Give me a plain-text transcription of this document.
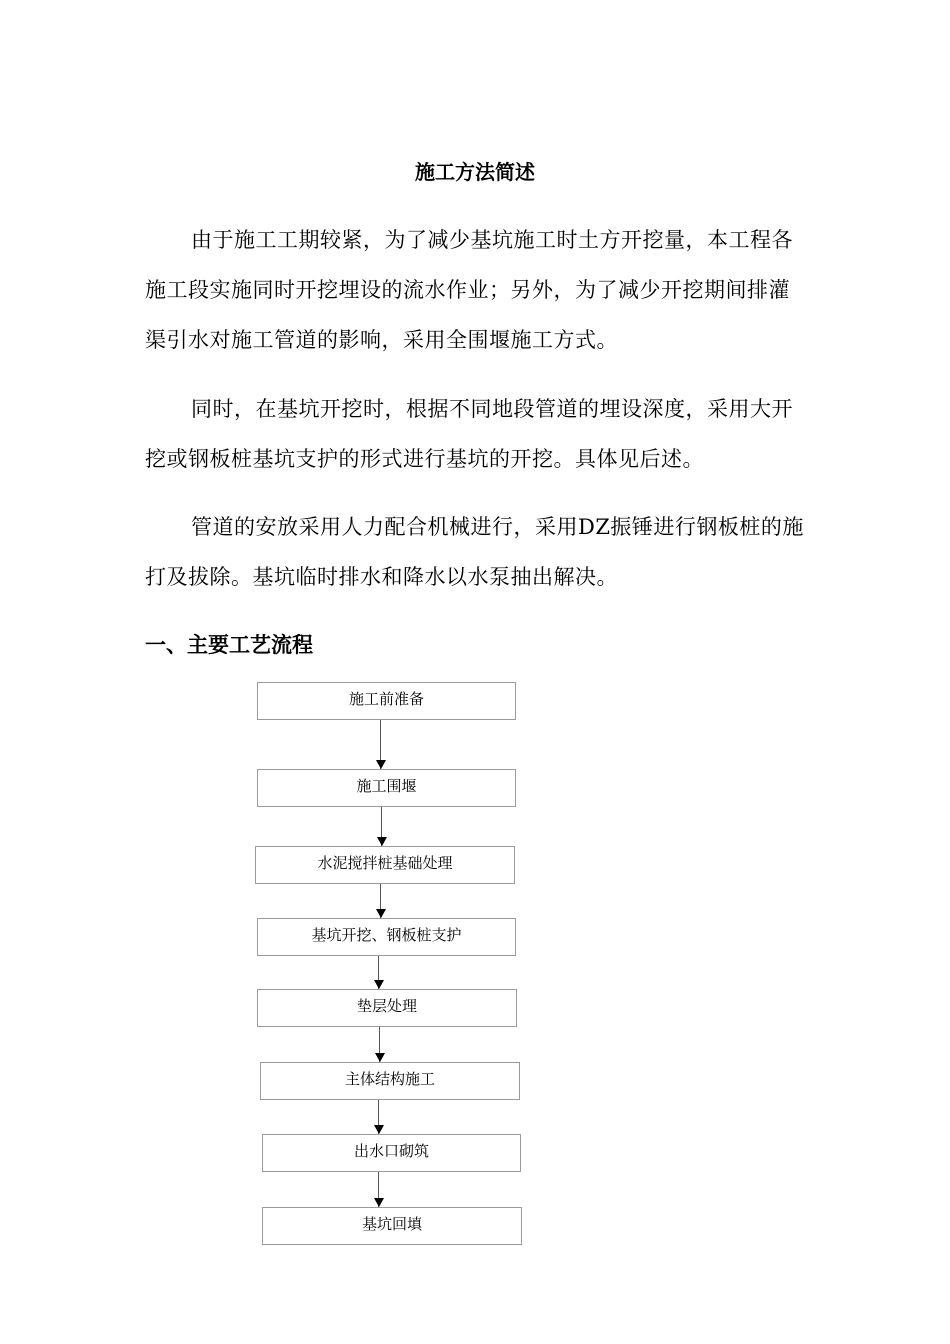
施工方法简述

由于施工工期较紧，为了减少基坑施工时土方开挖量，本工程各施工段实施同时开挖埋设的流水作业；另外，为了减少开挖期间排灌渠引水对施工管道的影响，采用全围堰施工方式。

同时，在基坑开挖时，根据不同地段管道的埋设深度，采用大开挖或钢板桩基坑支护的形式进行基坑的开挖。具体见后述。

管道的安放采用人力配合机械进行，采用DZ振锤进行钢板桩的施打及拔除。基坑临时排水和降水以水泵抽出解决。

一、主要工艺流程
施工前准备
施工围堰
水泥搅拌桩基础处理
基坑开挖、钢板桩支护
垫层处理
主体结构施工
出水口砌筑
基坑回填
